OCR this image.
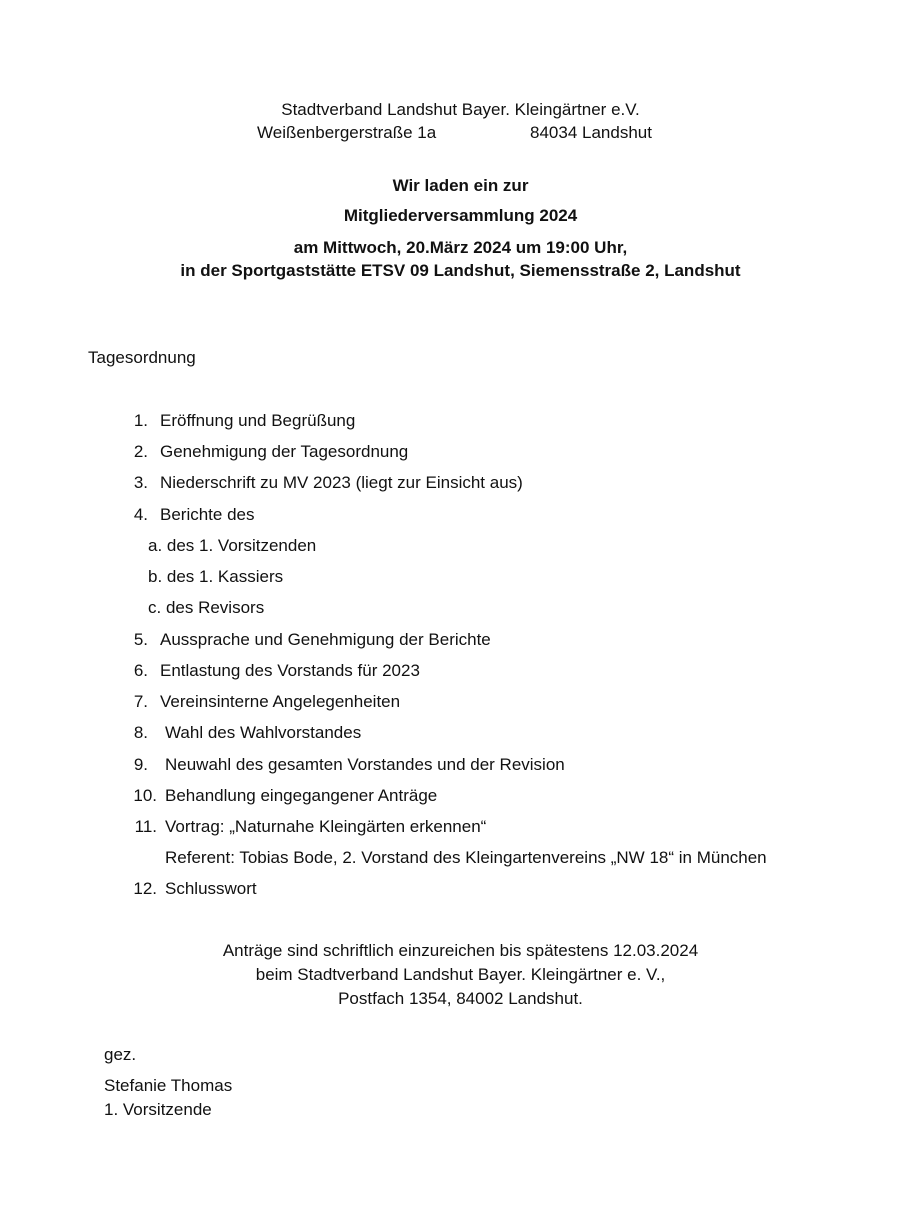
Stadtverband Landshut Bayer. Kleingärtner e.V.
Weißenbergerstraße 1a	84034 Landshut
Wir laden ein zur
Mitgliederversammlung 2024
am Mittwoch, 20.März 2024 um 19:00 Uhr,
in der Sportgaststätte ETSV 09 Landshut, Siemensstraße 2, Landshut
Tagesordnung
1. Eröffnung und Begrüßung
2. Genehmigung der Tagesordnung
3. Niederschrift zu MV 2023 (liegt zur Einsicht aus)
4. Berichte des
a. des 1. Vorsitzenden
b. des 1. Kassiers
c. des Revisors
5. Aussprache und Genehmigung der Berichte
6. Entlastung des Vorstands für 2023
7. Vereinsinterne Angelegenheiten
8. Wahl des Wahlvorstandes
9. Neuwahl des gesamten Vorstandes und der Revision
10. Behandlung eingegangener Anträge
11. Vortrag: „Naturnahe Kleingärten erkennen“
Referent: Tobias Bode, 2. Vorstand des Kleingartenvereins „NW 18“ in München
12. Schlusswort
Anträge sind schriftlich einzureichen bis spätestens 12.03.2024
beim Stadtverband Landshut Bayer. Kleingärtner e. V.,
Postfach 1354, 84002 Landshut.
gez.
Stefanie Thomas
1. Vorsitzende
